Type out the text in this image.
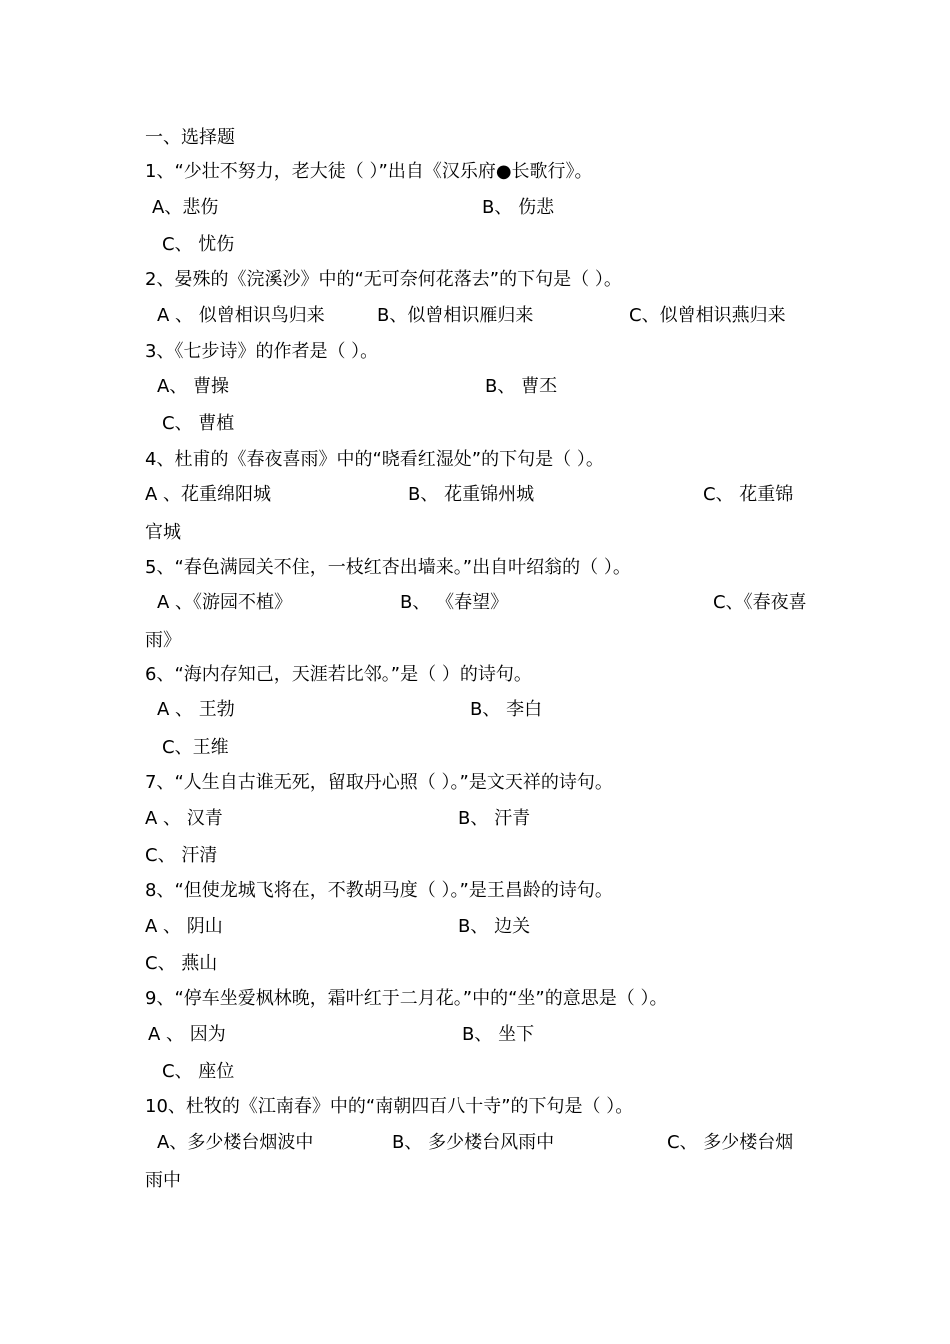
一、选择题
1、“少壮不努力，老大徒（ ）”出自《汉乐府●长歌行》。
A、悲伤	B、 伤悲
C、 忧伤
2、晏殊的《浣溪沙》中的“无可奈何花落去”的下句是（ ）。
A 、 似曾相识鸟归来	B、似曾相识雁归来	C、似曾相识燕归来
3、《七步诗》的作者是（ ）。
A、 曹操	B、 曹丕
C、 曹植
4、杜甫的《春夜喜雨》中的“晓看红湿处”的下句是（ ）。
A 、花重绵阳城	B、 花重锦州城	C、 花重锦
官城
5、“春色满园关不住，一枝红杏出墙来。”出自叶绍翁的（ ）。
A 、《游园不植》	B、 《春望》	C、《春夜喜
雨》
6、“海内存知己，天涯若比邻。”是（ ）的诗句。
A 、 王勃	B、 李白
C、王维
7、“人生自古谁无死，留取丹心照（ ）。”是文天祥的诗句。
A 、 汉青	B、 汗青
C、 汗清
8、“但使龙城飞将在，不教胡马度（ ）。”是王昌龄的诗句。
A 、 阴山	B、 边关
C、 燕山
9、“停车坐爱枫林晚，霜叶红于二月花。”中的“坐”的意思是（ ）。
A 、 因为	B、 坐下
C、 座位
10、杜牧的《江南春》中的“南朝四百八十寺”的下句是（ ）。
A、多少楼台烟波中	B、 多少楼台风雨中	C、 多少楼台烟
雨中
